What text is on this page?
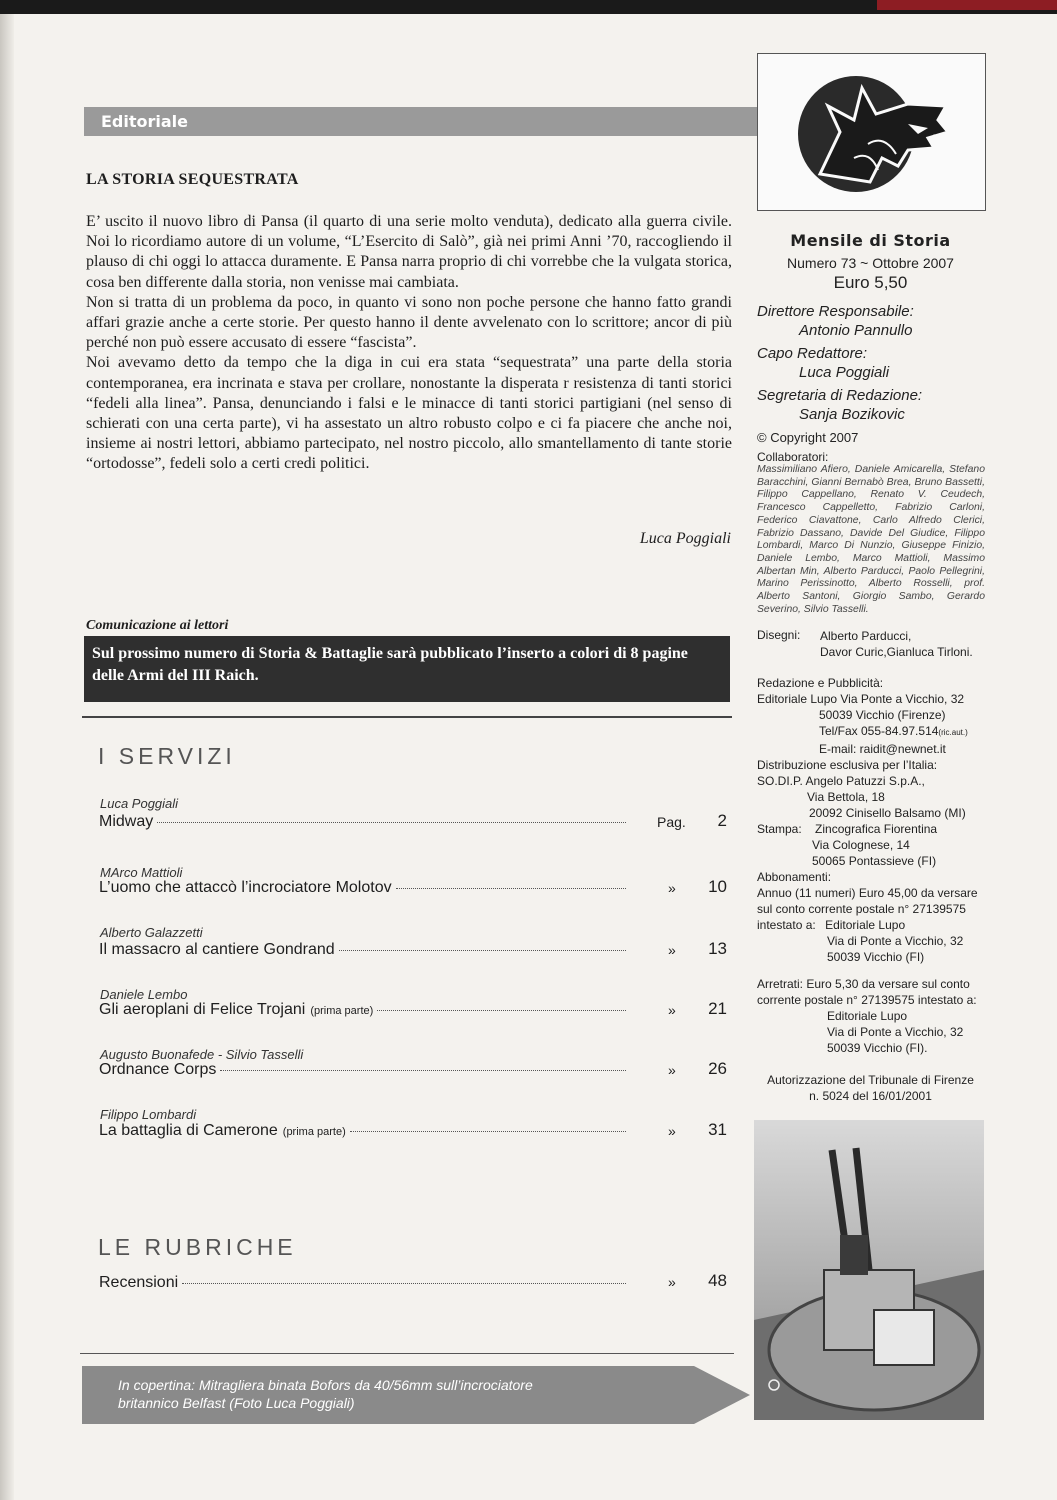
Editoriale
LA STORIA SEQUESTRATA

E’ uscito il nuovo libro di Pansa (il quarto di una serie molto venduta), dedicato alla guerra civile. Noi lo ricordiamo autore di un volume, “L’Esercito di Salò”, già nei primi Anni ’70, raccogliendo il plauso di chi oggi lo attacca duramente. E Pansa narra proprio di chi vorrebbe che la vulgata storica, cosa ben differente dalla storia, non venisse mai cambiata.

Non si tratta di un problema da poco, in quanto vi sono non poche persone che hanno fatto grandi affari grazie anche a certe storie. Per questo hanno il dente avvelenato con lo scrittore; ancor di più perché non può essere accusato di essere “fascista”.

Noi avevamo detto da tempo che la diga in cui era stata “sequestrata” una parte della storia contemporanea, era incrinata e stava per crollare, nonostante la disperata r resistenza di tanti storici “fedeli alla linea”. Pansa, denunciando i falsi e le minacce di tanti storici partigiani (nel senso di schierati con una certa parte), vi ha assestato un altro robusto colpo e ci fa piacere che anche noi, insieme ai nostri lettori, abbiamo partecipato, nel nostro piccolo, allo smantellamento di tante storie “ortodosse”, fedeli solo a certi credi politici.

Luca Poggiali
Comunicazione ai lettori
Sul prossimo numero di Storia & Battaglie sarà pubblicato l’inserto a colori di 8 pagine delle Armi del III Raich.
I SERVIZI
Luca Poggiali
Midway	Pag. 2
MArco Mattioli
L’uomo che attaccò l’incrociatore Molotov	» 10
Alberto Galazzetti
Il massacro al cantiere Gondrand	» 13
Daniele Lembo
Gli aeroplani di Felice Trojani (prima parte)	» 21
Augusto Buonafede - Silvio Tasselli
Ordnance Corps	» 26
Filippo Lombardi
La battaglia di Camerone (prima parte)	» 31
LE RUBRICHE
Recensioni	» 48
In copertina: Mitragliera binata Bofors da 40/56mm sull’incrociatore
britannico Belfast (Foto Luca Poggiali)
Mensile di Storia
Numero 73 ~ Ottobre 2007
Euro 5,50
Direttore Responsabile:
Antonio Pannullo
Capo Redattore:
Luca Poggiali
Segretaria di Redazione:
Sanja Bozikovic
© Copyright 2007
Collaboratori:
Massimiliano Afiero, Daniele Amicarella, Stefano Baracchini, Gianni Bernabò Brea, Bruno Bassetti, Filippo Cappellano, Renato V. Ceudech, Francesco Cappelletto, Fabrizio Carloni, Federico Ciavattone, Carlo Alfredo Clerici, Fabrizio Dassano, Davide Del Giudice, Filippo Lombardi, Marco Di Nunzio, Giuseppe Finizio, Daniele Lembo, Marco Mattioli, Massimo Albertan Min, Alberto Parducci, Paolo Pellegrini, Marino Perissinotto, Alberto Rosselli, prof. Alberto Santoni, Giorgio Sambo, Gerardo Severino, Silvio Tasselli.
Disegni: Alberto Parducci,
Davor Curic,Gianluca Tirloni.
Redazione e Pubblicità:
Editoriale Lupo Via Ponte a Vicchio, 32
50039 Vicchio (Firenze)
Tel/Fax 055-84.97.514(ric.aut.)
E-mail: raidit@newnet.it
Distribuzione esclusiva per l’Italia:
SO.DI.P. Angelo Patuzzi S.p.A.,
Via Bettola, 18
20092 Cinisello Balsamo (MI)
Stampa: Zincografica Fiorentina
Via Colognese, 14
50065 Pontassieve (FI)
Abbonamenti:
Annuo (11 numeri) Euro 45,00 da versare
sul conto corrente postale n° 27139575
intestato a: Editoriale Lupo
Via di Ponte a Vicchio, 32
50039 Vicchio (FI)
Arretrati: Euro 5,30 da versare sul conto
corrente postale n° 27139575 intestato a:
Editoriale Lupo
Via di Ponte a Vicchio, 32
50039 Vicchio (FI).
Autorizzazione del Tribunale di Firenze
n. 5024 del 16/01/2001
